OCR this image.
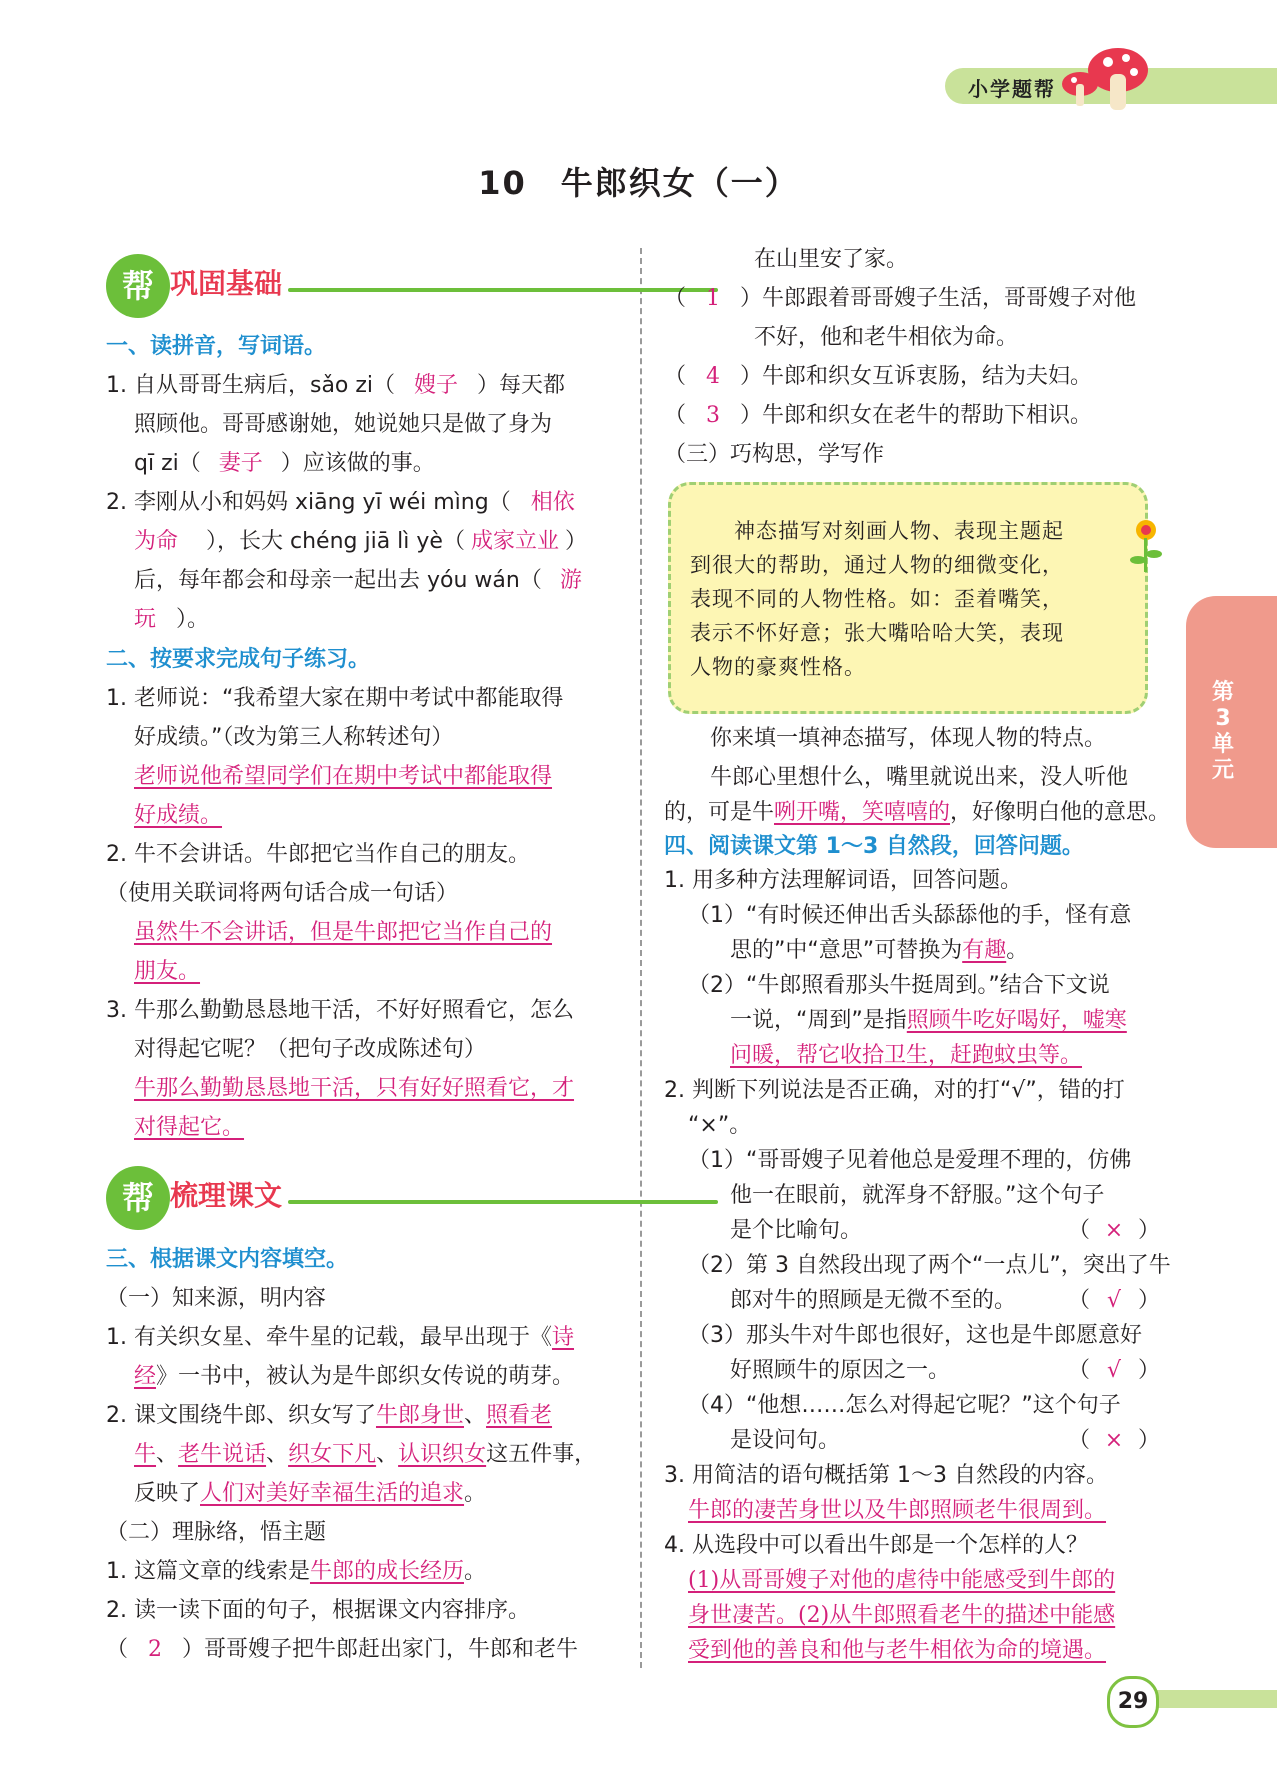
小学题帮
10　牛郎织女（一）
帮 巩固基础
一、读拼音，写词语。
1. 自从哥哥生病后，sǎo zi（ 嫂子 ）每天都
照顾他。哥哥感谢她，她说她只是做了身为
qī zi（ 妻子 ）应该做的事。
2. 李刚从小和妈妈 xiāng yī wéi mìng（ 相依
为命 ），长大 chéng jiā lì yè（ 成家立业 ）
后，每年都会和母亲一起出去 yóu wán（ 游
玩 ）。
二、按要求完成句子练习。
1. 老师说：“我希望大家在期中考试中都能取得
好成绩。”（改为第三人称转述句）
老师说他希望同学们在期中考试中都能取得
好成绩。
2. 牛不会讲话。牛郎把它当作自己的朋友。
（使用关联词将两句话合成一句话）
虽然牛不会讲话，但是牛郎把它当作自己的
朋友。
3. 牛那么勤勤恳恳地干活，不好好照看它，怎么
对得起它呢？（把句子改成陈述句）
牛那么勤勤恳恳地干活，只有好好照看它，才
对得起它。
帮 梳理课文
三、根据课文内容填空。
（一）知来源，明内容
1. 有关织女星、牵牛星的记载，最早出现于《诗
经》一书中，被认为是牛郎织女传说的萌芽。
2. 课文围绕牛郎、织女写了牛郎身世、照看老
牛、老牛说话、织女下凡、认识织女这五件事，
反映了人们对美好幸福生活的追求。
（二）理脉络，悟主题
1. 这篇文章的线索是牛郎的成长经历。
2. 读一读下面的句子，根据课文内容排序。
（ 2 ）哥哥嫂子把牛郎赶出家门，牛郎和老牛
在山里安了家。
（ 1 ）牛郎跟着哥哥嫂子生活，哥哥嫂子对他
不好，他和老牛相依为命。
（ 4 ）牛郎和织女互诉衷肠，结为夫妇。
（ 3 ）牛郎和织女在老牛的帮助下相识。
（三）巧构思，学写作
神态描写对刻画人物、表现主题起
到很大的帮助，通过人物的细微变化，
表现不同的人物性格。如：歪着嘴笑，
表示不怀好意；张大嘴哈哈大笑，表现
人物的豪爽性格。
你来填一填神态描写，体现人物的特点。
牛郎心里想什么，嘴里就说出来，没人听他
的，可是牛咧开嘴，笑嘻嘻的，好像明白他的意思。
四、阅读课文第 1～3 自然段，回答问题。
1. 用多种方法理解词语，回答问题。
（1）“有时候还伸出舌头舔舔他的手，怪有意
思的”中“意思”可替换为有趣。
（2）“牛郎照看那头牛挺周到。”结合下文说
一说，“周到”是指照顾牛吃好喝好，嘘寒
问暖，帮它收拾卫生，赶跑蚊虫等。
2. 判断下列说法是否正确，对的打“√”，错的打
“×”。
（1）“哥哥嫂子见着他总是爱理不理的，仿佛
他一在眼前，就浑身不舒服。”这个句子
是个比喻句。	（ × ）
（2）第 3 自然段出现了两个“一点儿”，突出了牛
郎对牛的照顾是无微不至的。 （ √ ）
（3）那头牛对牛郎也很好，这也是牛郎愿意好
好照顾牛的原因之一。	（ √ ）
（4）“他想……怎么对得起它呢？”这个句子
是设问句。	（ × ）
3. 用简洁的语句概括第 1～3 自然段的内容。
牛郎的凄苦身世以及牛郎照顾老牛很周到。
4. 从选段中可以看出牛郎是一个怎样的人？
(1)从哥哥嫂子对他的虐待中能感受到牛郎的
身世凄苦。(2)从牛郎照看老牛的描述中能感
受到他的善良和他与老牛相依为命的境遇。
第3单元
29
